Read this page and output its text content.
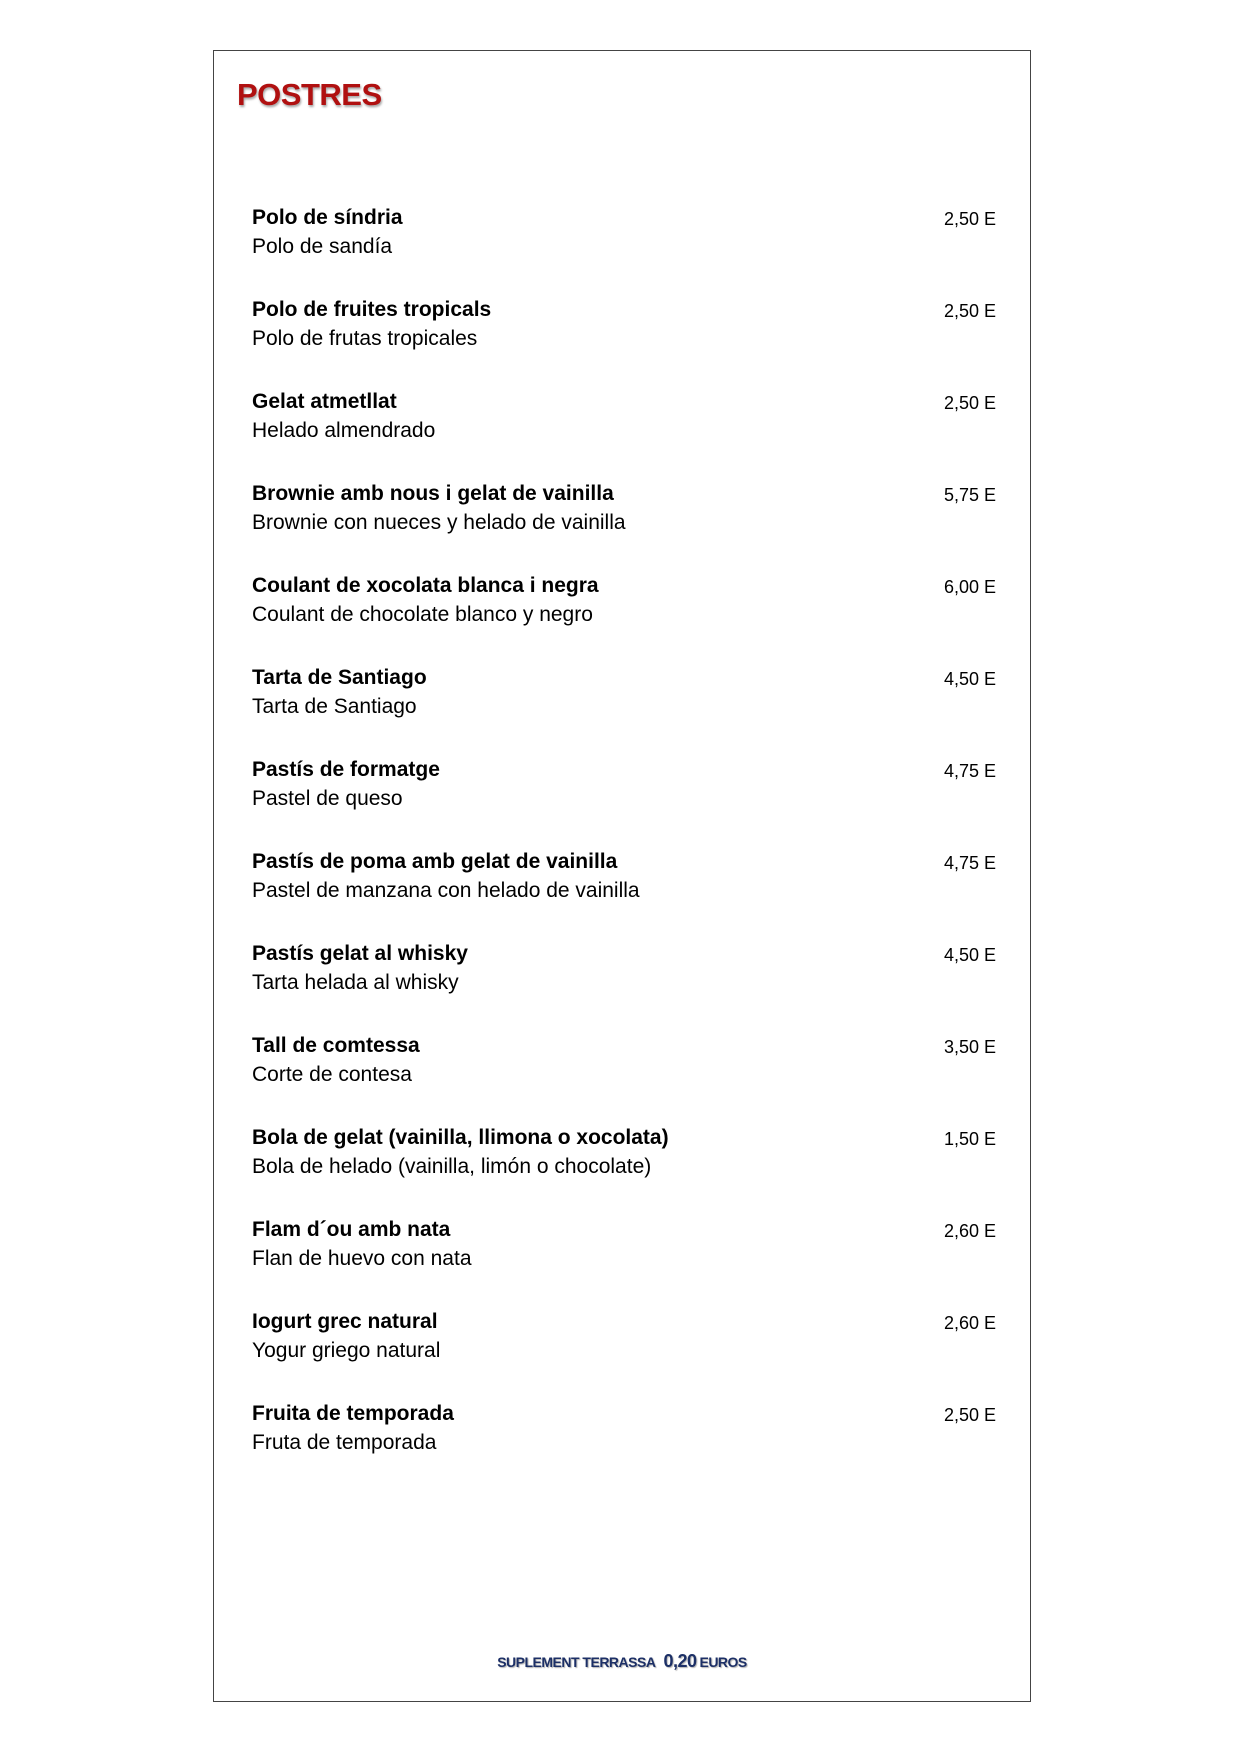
POSTRES
Polo de síndria
Polo de sandía
2,50 E
Polo de fruites tropicals
Polo de frutas tropicales
2,50 E
Gelat atmetllat
Helado almendrado
2,50 E
Brownie amb nous i gelat de vainilla
Brownie con nueces y helado de vainilla
5,75 E
Coulant de xocolata blanca i negra
Coulant de chocolate blanco y negro
6,00 E
Tarta de Santiago
Tarta de Santiago
4,50 E
Pastís de formatge
Pastel de queso
4,75 E
Pastís de poma amb gelat de vainilla
Pastel de manzana con helado de vainilla
4,75 E
Pastís gelat al whisky
Tarta helada al whisky
4,50 E
Tall de comtessa
Corte de contesa
3,50 E
Bola de gelat (vainilla, llimona o xocolata)
Bola de helado (vainilla, limón o chocolate)
1,50 E
Flam d´ou amb nata
Flan de huevo con nata
2,60 E
Iogurt grec natural
Yogur griego natural
2,60 E
Fruita de temporada
Fruta de temporada
2,50 E
SUPLEMENT TERRASSA 0,20 EUROS
